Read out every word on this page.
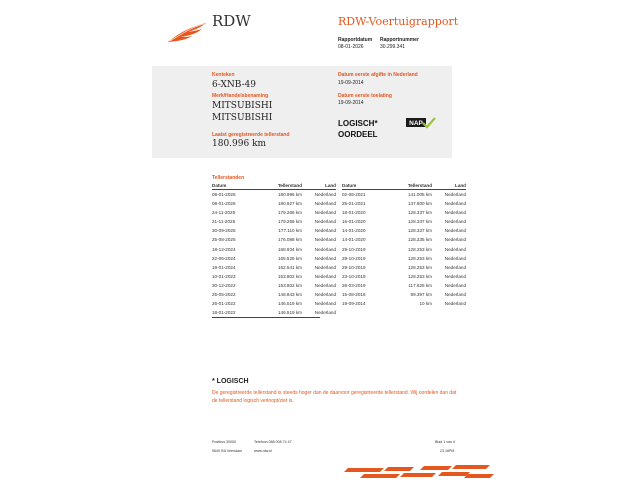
RDW	RDW-Voertuigrapport
Rapportdatum
08-01-2026
Rapportnummer
30.299.341
Kenteken
6-XNB-49
Merk/Handelsbenaming
MITSUBISHI
MITSUBISHI
Laatst geregistreerde tellerstand
180.996 km
Datum eerste afgifte in Nederland
19-09-2014
Datum eerste toelating
19-09-2014
LOGISCH*
OORDEEL
NAP
Tellerstanden
Datum	Tellerstand	Land
08-01-2026	180.996 km	Nederland
08-01-2026	180.927 km	Nederland
24-11-2025	179.266 km	Nederland
21-11-2025	179.266 km	Nederland
30-09-2025	177.110 km	Nederland
25-08-2025	176.088 km	Nederland
18-12-2024	168.934 km	Nederland
22-06-2024	165.526 km	Nederland
19-01-2024	162.541 km	Nederland
10-01-2023	153.802 km	Nederland
30-12-2022	153.802 km	Nederland
25-05-2022	148.843 km	Nederland
26-01-2022	146.519 km	Nederland
18-01-2022	146.519 km	Nederland
Datum	Tellerstand	Land
02-06-2021	141.005 km	Nederland
25-01-2021	137.800 km	Nederland
18-01-2020	128.337 km	Nederland
16-01-2020	128.337 km	Nederland
14-01-2020	128.337 km	Nederland
14-01-2020	128.335 km	Nederland
29-10-2019	128.253 km	Nederland
29-10-2019	128.253 km	Nederland
29-10-2019	128.253 km	Nederland
23-10-2019	128.253 km	Nederland
26-03-2019	117.625 km	Nederland
15-08-2018	99.397 km	Nederland
19-09-2014	10 km	Nederland
* LOGISCH
De geregistreerde tellerstand is steeds hoger dan de daarvoor geregistreerde tellerstand. Wij oordelen dan dat de tellerstand logisch verloopt/ziet is.
Postbus 30000
9640 RA Veendam
Telefoon 088 008 74 47
www.rdw.nl
Blad 1 van 4
23.16PM
